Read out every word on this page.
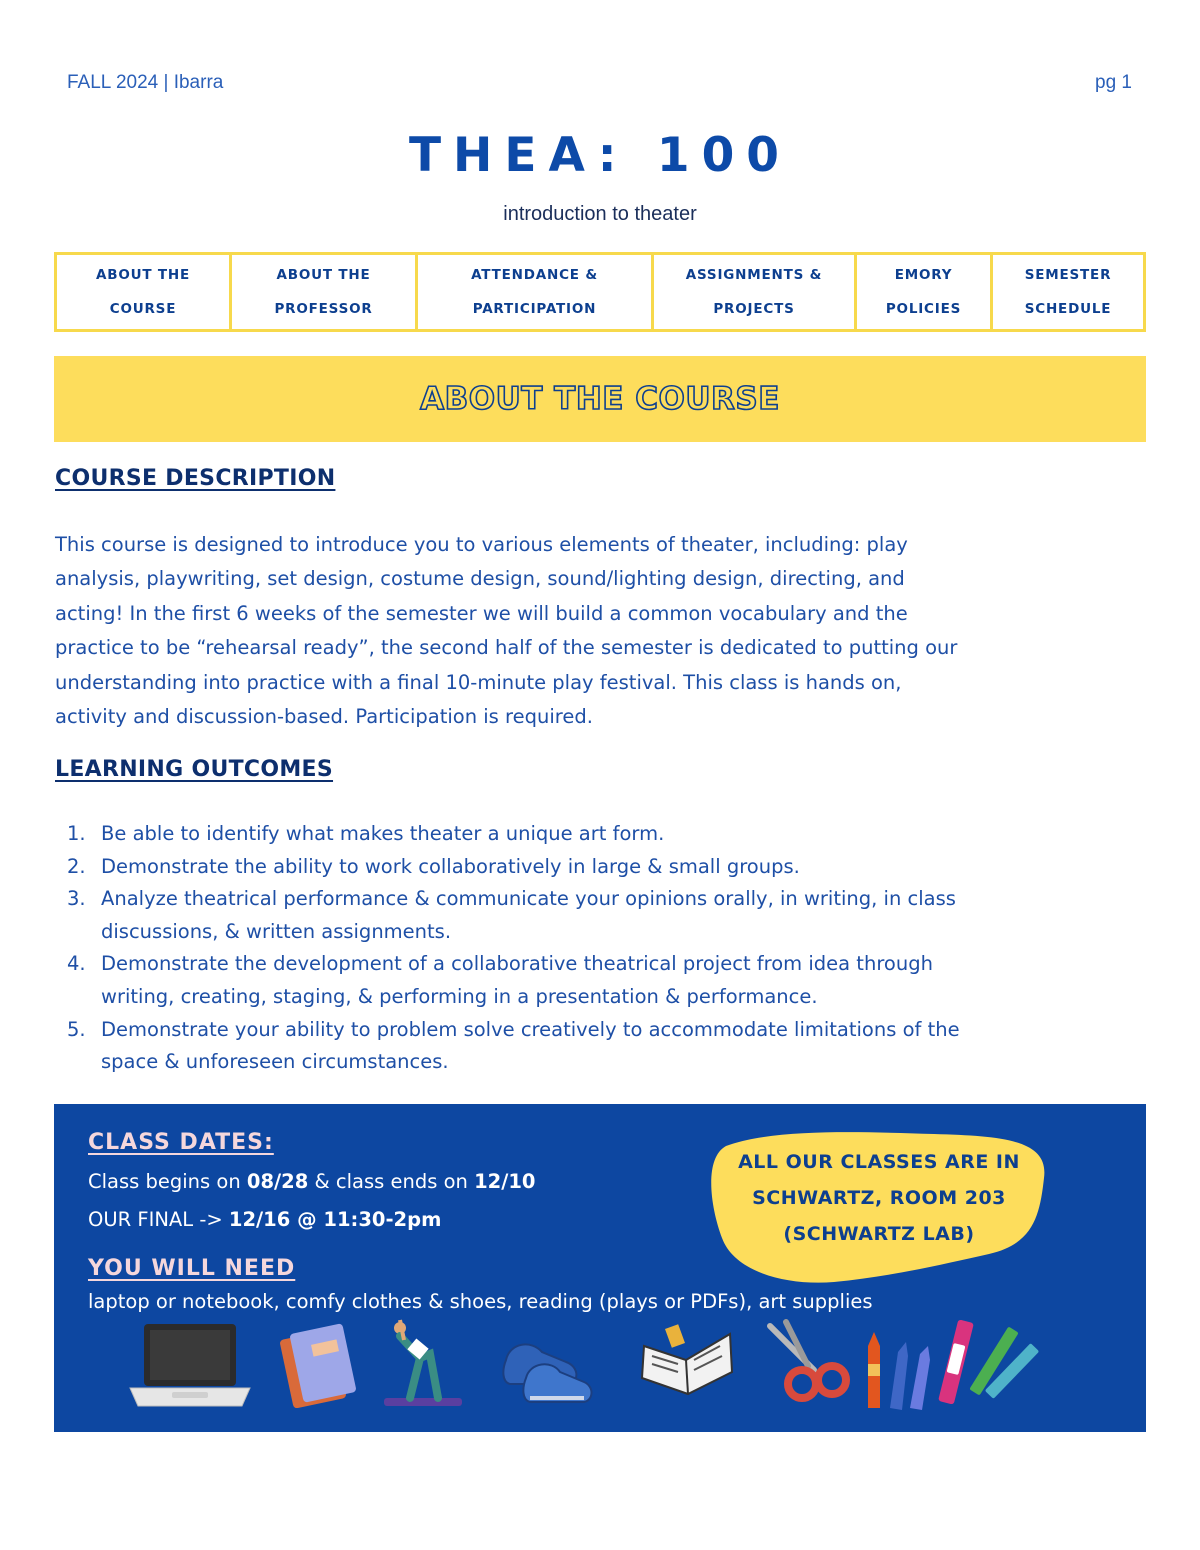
FALL 2024 | Ibarra	pg 1
THEA: 100
introduction to theater
ABOUT THE
COURSE
ABOUT THE
PROFESSOR
ATTENDANCE &
PARTICIPATION
ASSIGNMENTS &
PROJECTS
EMORY
POLICIES
SEMESTER
SCHEDULE
ABOUT THE COURSE
COURSE DESCRIPTION
This course is designed to introduce you to various elements of theater, including: play
analysis, playwriting, set design, costume design, sound/lighting design, directing, and
acting! In the first 6 weeks of the semester we will build a common vocabulary and the
practice to be “rehearsal ready”, the second half of the semester is dedicated to putting our
understanding into practice with a final 10-minute play festival. This class is hands on,
activity and discussion-based. Participation is required.
LEARNING OUTCOMES
1. Be able to identify what makes theater a unique art form.
2. Demonstrate the ability to work collaboratively in large & small groups.
3. Analyze theatrical performance & communicate your opinions orally, in writing, in class
discussions, & written assignments.
4. Demonstrate the development of a collaborative theatrical project from idea through
writing, creating, staging, & performing in a presentation & performance.
5. Demonstrate your ability to problem solve creatively to accommodate limitations of the
space & unforeseen circumstances.
CLASS DATES:
Class begins on 08/28 & class ends on 12/10
OUR FINAL -> 12/16 @ 11:30-2pm
YOU WILL NEED
laptop or notebook, comfy clothes & shoes, reading (plays or PDFs), art supplies
ALL OUR CLASSES ARE IN
SCHWARTZ, ROOM 203
(SCHWARTZ LAB)
